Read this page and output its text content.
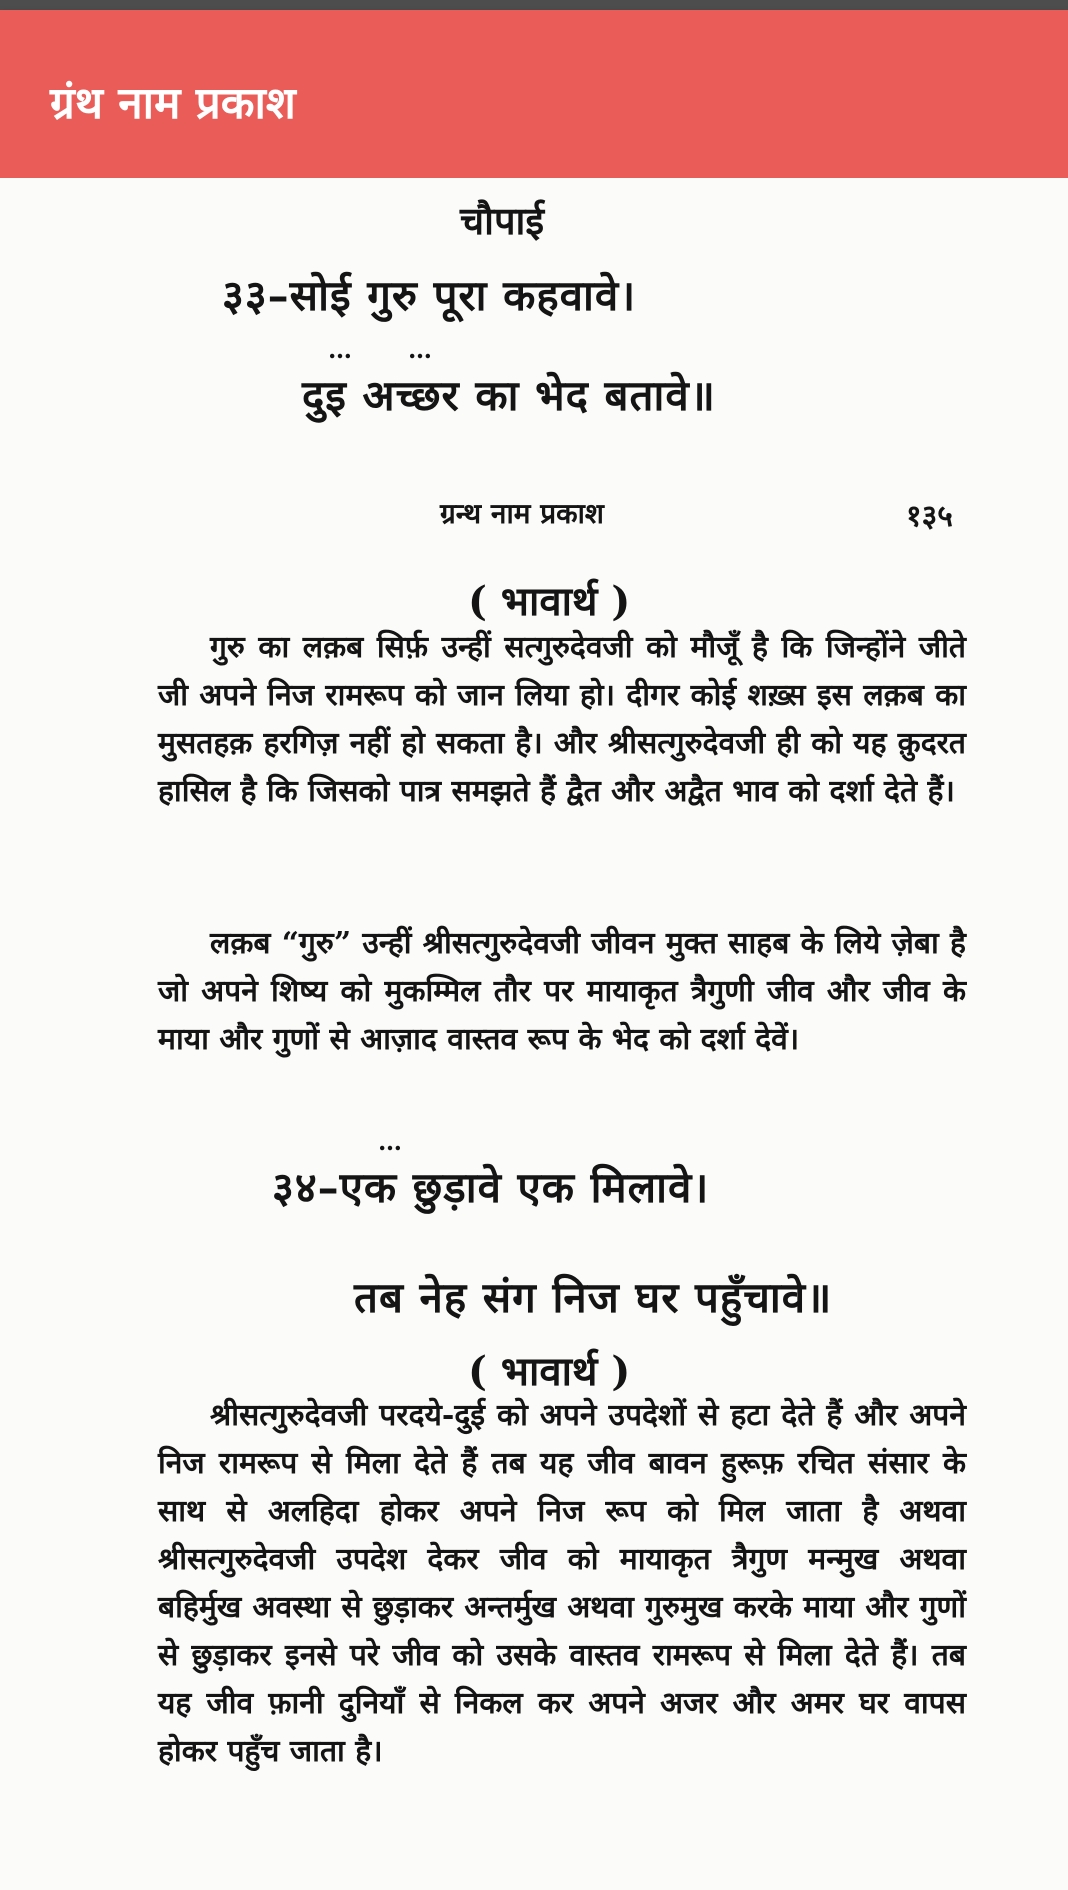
ग्रंथ नाम प्रकाश
चौपाई
३३–सोई गुरु पूरा कहवावे।
… …
दुइ अच्छर का भेद बतावे॥
ग्रन्थ नाम प्रकाश	१३५
( भावार्थ )

गुरु का लक़ब सिर्फ़ उन्हीं सत्गुरुदेवजी को मौजूँ है कि जिन्होंने जीते जी अपने निज रामरूप को जान लिया हो। दीगर कोई शख़्स इस लक़ब का मुसतहक़ हरगिज़ नहीं हो सकता है। और श्रीसत्गुरुदेवजी ही को यह क़ुदरत हासिल है कि जिसको पात्र समझते हैं द्वैत और अद्वैत भाव को दर्शा देते हैं।

लक़ब “गुरु” उन्हीं श्रीसत्गुरुदेवजी जीवन मुक्त साहब के लिये ज़ेबा है जो अपने शिष्य को मुकम्मिल तौर पर मायाकृत त्रैगुणी जीव और जीव के माया और गुणों से आज़ाद वास्तव रूप के भेद को दर्शा देवें।

…
३४–एक छुड़ावे एक मिलावे।
तब नेह संग निज घर पहुँचावे॥
( भावार्थ )

श्रीसत्गुरुदेवजी परदये-दुई को अपने उपदेशों से हटा देते हैं और अपने निज रामरूप से मिला देते हैं तब यह जीव बावन हुरूफ़ रचित संसार के साथ से अलहिदा होकर अपने निज रूप को मिल जाता है अथवा श्रीसत्गुरुदेवजी उपदेश देकर जीव को मायाकृत त्रैगुण मन्मुख अथवा बहिर्मुख अवस्था से छुड़ाकर अन्तर्मुख अथवा गुरुमुख करके माया और गुणों से छुड़ाकर इनसे परे जीव को उसके वास्तव रामरूप से मिला देते हैं। तब यह जीव फ़ानी दुनियाँ से निकल कर अपने अजर और अमर घर वापस होकर पहुँच जाता है।
